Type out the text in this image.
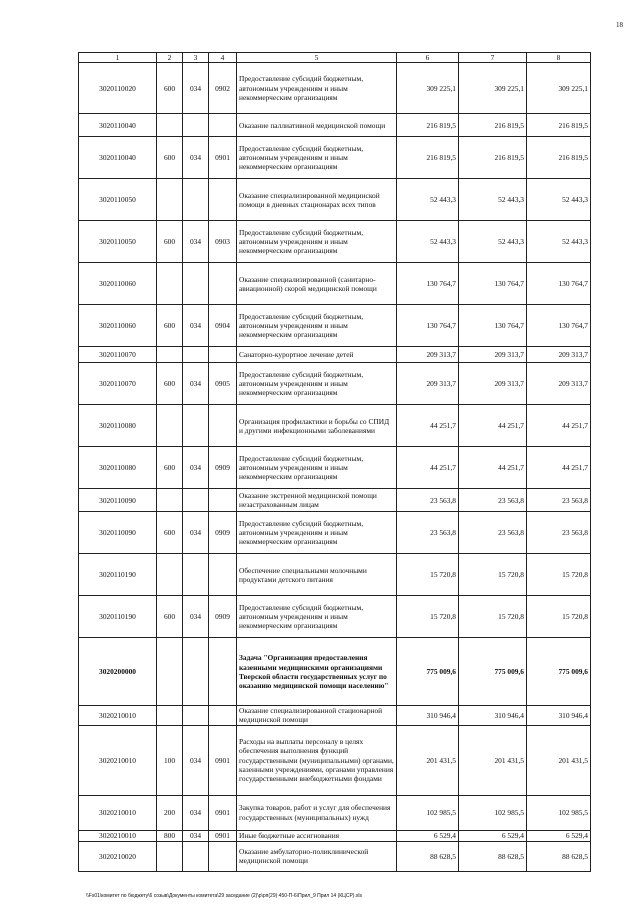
18
1	2	3	4	5	6	7	8
3020110020	600	034	0902	Предоставление субсидий бюджетным, автономным учреждениям и иным некоммерческим организациям	309 225,1	309 225,1	309 225,1
3020110040				Оказание паллиативной медицинской помощи	216 819,5	216 819,5	216 819,5
3020110040	600	034	0901	Предоставление субсидий бюджетным, автономным учреждениям и иным некоммерческим организациям	216 819,5	216 819,5	216 819,5
3020110050				Оказание специализированной медицинской помощи в дневных стационарах всех типов	52 443,3	52 443,3	52 443,3
3020110050	600	034	0903	Предоставление субсидий бюджетным, автономным учреждениям и иным некоммерческим организациям	52 443,3	52 443,3	52 443,3
3020110060				Оказание специализированной (санитарно-авиационной) скорой медицинской помощи	130 764,7	130 764,7	130 764,7
3020110060	600	034	0904	Предоставление субсидий бюджетным, автономным учреждениям и иным некоммерческим организациям	130 764,7	130 764,7	130 764,7
3020110070				Санаторно-курортное лечение детей	209 313,7	209 313,7	209 313,7
3020110070	600	034	0905	Предоставление субсидий бюджетным, автономным учреждениям и иным некоммерческим организациям	209 313,7	209 313,7	209 313,7
3020110080				Организация профилактики и борьбы со СПИД и другими инфекционными заболеваниями	44 251,7	44 251,7	44 251,7
3020110080	600	034	0909	Предоставление субсидий бюджетным, автономным учреждениям и иным некоммерческим организациям	44 251,7	44 251,7	44 251,7
3020110090				Оказание экстренной медицинской помощи незастрахованным лицам	23 563,8	23 563,8	23 563,8
3020110090	600	034	0909	Предоставление субсидий бюджетным, автономным учреждениям и иным некоммерческим организациям	23 563,8	23 563,8	23 563,8
3020110190				Обеспечение специальными молочными продуктами детского питания	15 720,8	15 720,8	15 720,8
3020110190	600	034	0909	Предоставление субсидий бюджетным, автономным учреждениям и иным некоммерческим организациям	15 720,8	15 720,8	15 720,8
3020200000				Задача "Организация предоставления казенными медицинскими организациями Тверской области государственных услуг по оказанию медицинской помощи населению"	775 009,6	775 009,6	775 009,6
3020210010				Оказание специализированной стационарной медицинской помощи	310 946,4	310 946,4	310 946,4
3020210010	100	034	0901	Расходы на выплаты персоналу в целях обеспечения выполнения функций государственными (муниципальными) органами, казенными учреждениями, органами управления государственными внебюджетными фондами	201 431,5	201 431,5	201 431,5
3020210010	200	034	0901	Закупка товаров, работ и услуг для обеспечения государственных (муниципальных) нужд	102 985,5	102 985,5	102 985,5
3020210010	800	034	0901	Иные бюджетные ассигнования	6 529,4	6 529,4	6 529,4
3020210020				Оказание амбулаторно-поликлинической медицинской помощи	88 628,5	88 628,5	88 628,5
\\Fs01\комитет по бюджету\6 созыв\Документы комитета\29 заседание (2)\р\рп(29) 450-П-6\Прил_9 Прил 14 (КЦСР).xls
